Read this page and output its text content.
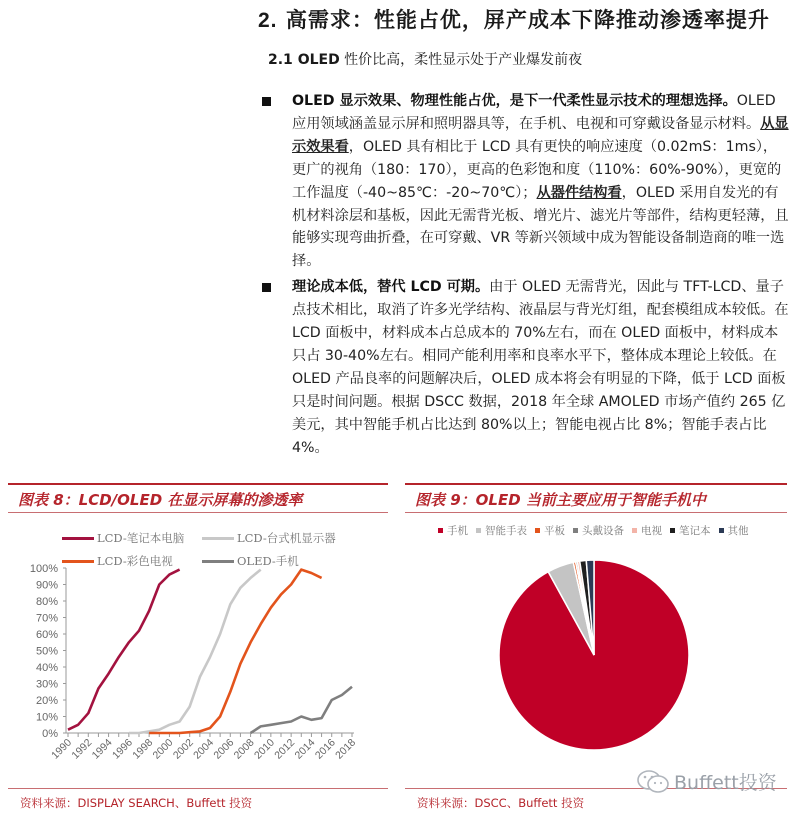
2. 高需求：性能占优，屏产成本下降推动渗透率提升
2.1 OLED 性价比高，柔性显示处于产业爆发前夜
OLED 显示效果、物理性能占优，是下一代柔性显示技术的理想选择。OLED 应用领域涵盖显示屏和照明器具等，在手机、电视和可穿戴设备显示材料。从显示效果看，OLED 具有相比于 LCD 具有更快的响应速度（0.02mS：1ms），更广的视角（180：170），更高的色彩饱和度（110%：60%-90%），更宽的工作温度（-40~85℃：-20~70℃）；从器件结构看，OLED 采用自发光的有机材料涂层和基板，因此无需背光板、增光片、滤光片等部件，结构更轻薄，且能够实现弯曲折叠，在可穿戴、VR 等新兴领域中成为智能设备制造商的唯一选择。
理论成本低，替代 LCD 可期。由于 OLED 无需背光，因此与 TFT-LCD、量子点技术相比，取消了许多光学结构、液晶层与背光灯组，配套模组成本较低。在 LCD 面板中，材料成本占总成本的 70%左右，而在 OLED 面板中，材料成本只占 30-40%左右。相同产能利用率和良率水平下，整体成本理论上较低。在 OLED 产品良率的问题解决后，OLED 成本将会有明显的下降，低于 LCD 面板只是时间问题。根据 DSCC 数据，2018 年全球 AMOLED 市场产值约 265 亿美元，其中智能手机占比达到 80%以上；智能电视占比 8%；智能手表占比 4%。
图表 8：LCD/OLED 在显示屏幕的渗透率
资料来源：DISPLAY SEARCH、Buffett 投资
LCD-笔记本电脑	LCD-台式机显示器
LCD-彩色电视	OLED-手机
0%
10%
20%
30%
40%
50%
60%
70%
80%
90%
100%
1990
1992
1994
1996
1998
2000
2002
2004
2006
2008
2010
2012
2014
2016
2018
图表 9：OLED 当前主要应用于智能手机中
资料来源：DSCC、Buffett 投资
手机 智能手表 平板 头戴设备 电视 笔记本 其他
Buffett投资
